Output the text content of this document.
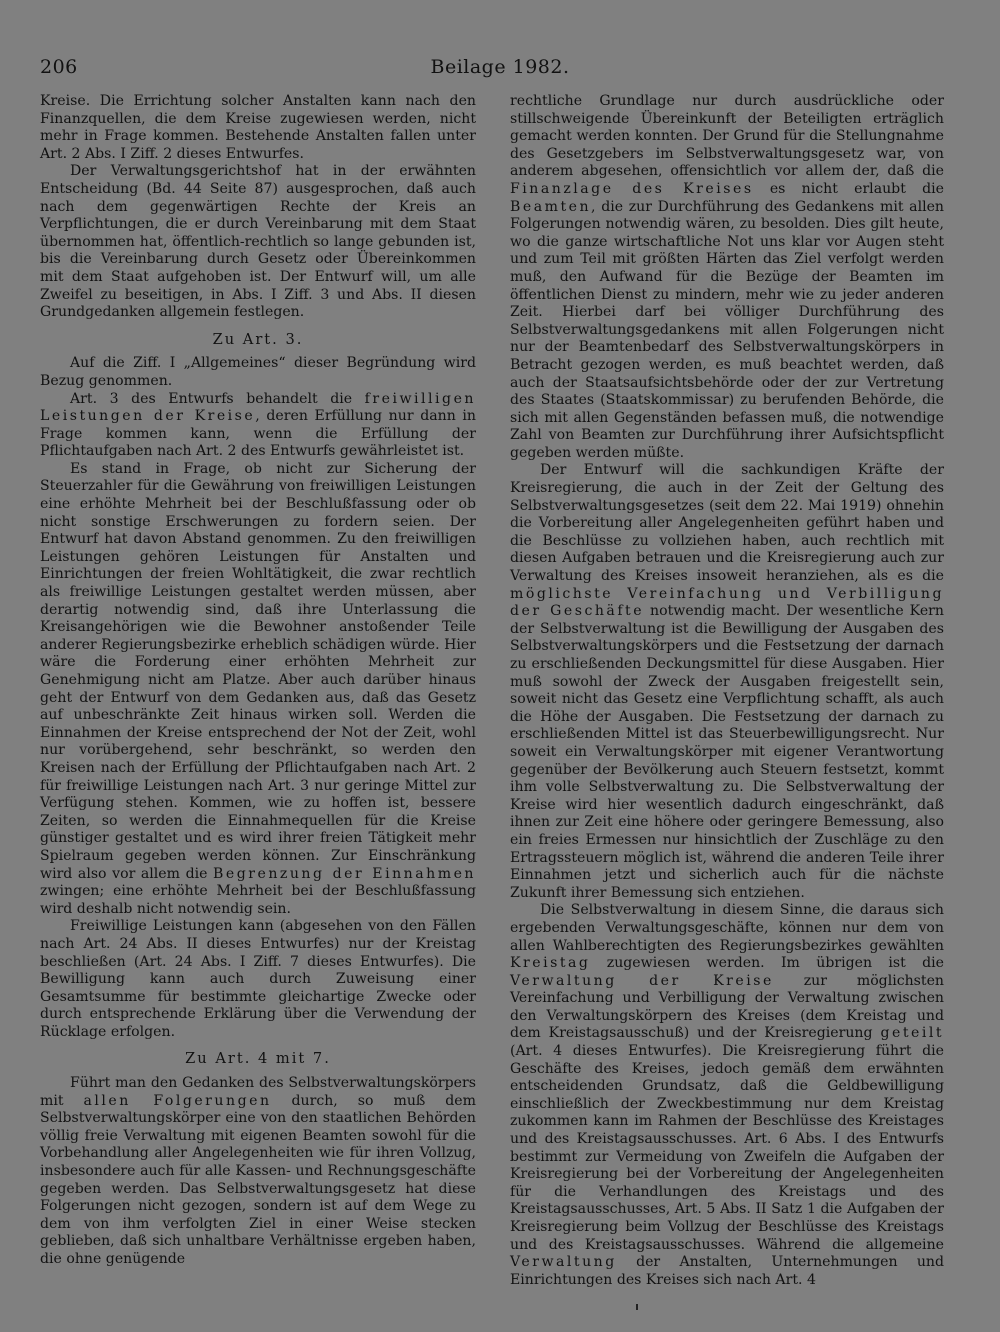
206	Beilage 1982.

Kreise. Die Errichtung solcher Anstalten kann nach den Finanzquellen, die dem Kreise zugewiesen werden, nicht mehr in Frage kommen. Bestehende Anstalten fallen unter Art. 2 Abs. I Ziff. 2 dieses Entwurfes.

Der Verwaltungsgerichtshof hat in der erwähnten Entscheidung (Bd. 44 Seite 87) ausgesprochen, daß auch nach dem gegenwärtigen Rechte der Kreis an Verpflichtungen, die er durch Vereinbarung mit dem Staat übernommen hat, öffentlich-rechtlich so lange gebunden ist, bis die Vereinbarung durch Gesetz oder Übereinkommen mit dem Staat aufgehoben ist. Der Entwurf will, um alle Zweifel zu beseitigen, in Abs. I Ziff. 3 und Abs. II diesen Grundgedanken allgemein festlegen.

Zu Art. 3.

Auf die Ziff. I „Allgemeines“ dieser Begründung wird Bezug genommen.

Art. 3 des Entwurfs behandelt die freiwilligen Leistungen der Kreise, deren Erfüllung nur dann in Frage kommen kann, wenn die Erfüllung der Pflichtaufgaben nach Art. 2 des Entwurfs gewährleistet ist.

Es stand in Frage, ob nicht zur Sicherung der Steuerzahler für die Gewährung von freiwilligen Leistungen eine erhöhte Mehrheit bei der Beschlußfassung oder ob nicht sonstige Erschwerungen zu fordern seien. Der Entwurf hat davon Abstand genommen. Zu den freiwilligen Leistungen gehören Leistungen für Anstalten und Einrichtungen der freien Wohltätigkeit, die zwar rechtlich als freiwillige Leistungen gestaltet werden müssen, aber derartig notwendig sind, daß ihre Unterlassung die Kreisangehörigen wie die Bewohner anstoßender Teile anderer Regierungsbezirke erheblich schädigen würde. Hier wäre die Forderung einer erhöhten Mehrheit zur Genehmigung nicht am Platze. Aber auch darüber hinaus geht der Entwurf von dem Gedanken aus, daß das Gesetz auf unbeschränkte Zeit hinaus wirken soll. Werden die Einnahmen der Kreise entsprechend der Not der Zeit, wohl nur vorübergehend, sehr beschränkt, so werden den Kreisen nach der Erfüllung der Pflichtaufgaben nach Art. 2 für freiwillige Leistungen nach Art. 3 nur geringe Mittel zur Verfügung stehen. Kommen, wie zu hoffen ist, bessere Zeiten, so werden die Einnahmequellen für die Kreise günstiger gestaltet und es wird ihrer freien Tätigkeit mehr Spielraum gegeben werden können. Zur Einschränkung wird also vor allem die Begrenzung der Einnahmen zwingen; eine erhöhte Mehrheit bei der Beschlußfassung wird deshalb nicht notwendig sein.

Freiwillige Leistungen kann (abgesehen von den Fällen nach Art. 24 Abs. II dieses Entwurfes) nur der Kreistag beschließen (Art. 24 Abs. I Ziff. 7 dieses Entwurfes). Die Bewilligung kann auch durch Zuweisung einer Gesamtsumme für bestimmte gleichartige Zwecke oder durch entsprechende Erklärung über die Verwendung der Rücklage erfolgen.

Zu Art. 4 mit 7.

Führt man den Gedanken des Selbstverwaltungskörpers mit allen Folgerungen durch, so muß dem Selbstverwaltungskörper eine von den staatlichen Behörden völlig freie Verwaltung mit eigenen Beamten sowohl für die Vorbehandlung aller Angelegenheiten wie für ihren Vollzug, insbesondere auch für alle Kassen- und Rechnungsgeschäfte gegeben werden. Das Selbstverwaltungsgesetz hat diese Folgerungen nicht gezogen, sondern ist auf dem Wege zu dem von ihm verfolgten Ziel in einer Weise stecken geblieben, daß sich unhaltbare Verhältnisse ergeben haben, die ohne genügende

rechtliche Grundlage nur durch ausdrückliche oder stillschweigende Übereinkunft der Beteiligten erträglich gemacht werden konnten. Der Grund für die Stellungnahme des Gesetzgebers im Selbstverwaltungsgesetz war, von anderem abgesehen, offensichtlich vor allem der, daß die Finanzlage des Kreises es nicht erlaubt die Beamten, die zur Durchführung des Gedankens mit allen Folgerungen notwendig wären, zu besolden. Dies gilt heute, wo die ganze wirtschaftliche Not uns klar vor Augen steht und zum Teil mit größten Härten das Ziel verfolgt werden muß, den Aufwand für die Bezüge der Beamten im öffentlichen Dienst zu mindern, mehr wie zu jeder anderen Zeit. Hierbei darf bei völliger Durchführung des Selbstverwaltungsgedankens mit allen Folgerungen nicht nur der Beamtenbedarf des Selbstverwaltungskörpers in Betracht gezogen werden, es muß beachtet werden, daß auch der Staatsaufsichtsbehörde oder der zur Vertretung des Staates (Staatskommissar) zu berufenden Behörde, die sich mit allen Gegenständen befassen muß, die notwendige Zahl von Beamten zur Durchführung ihrer Aufsichtspflicht gegeben werden müßte.

Der Entwurf will die sachkundigen Kräfte der Kreisregierung, die auch in der Zeit der Geltung des Selbstverwaltungsgesetzes (seit dem 22. Mai 1919) ohnehin die Vorbereitung aller Angelegenheiten geführt haben und die Beschlüsse zu vollziehen haben, auch rechtlich mit diesen Aufgaben betrauen und die Kreisregierung auch zur Verwaltung des Kreises insoweit heranziehen, als es die möglichste Vereinfachung und Verbilligung der Geschäfte notwendig macht. Der wesentliche Kern der Selbstverwaltung ist die Bewilligung der Ausgaben des Selbstverwaltungskörpers und die Festsetzung der darnach zu erschließenden Deckungsmittel für diese Ausgaben. Hier muß sowohl der Zweck der Ausgaben freigestellt sein, soweit nicht das Gesetz eine Verpflichtung schafft, als auch die Höhe der Ausgaben. Die Festsetzung der darnach zu erschließenden Mittel ist das Steuerbewilligungsrecht. Nur soweit ein Verwaltungskörper mit eigener Verantwortung gegenüber der Bevölkerung auch Steuern festsetzt, kommt ihm volle Selbstverwaltung zu. Die Selbstverwaltung der Kreise wird hier wesentlich dadurch eingeschränkt, daß ihnen zur Zeit eine höhere oder geringere Bemessung, also ein freies Ermessen nur hinsichtlich der Zuschläge zu den Ertragssteuern möglich ist, während die anderen Teile ihrer Einnahmen jetzt und sicherlich auch für die nächste Zukunft ihrer Bemessung sich entziehen.

Die Selbstverwaltung in diesem Sinne, die daraus sich ergebenden Verwaltungsgeschäfte, können nur dem von allen Wahlberechtigten des Regierungsbezirkes gewählten Kreistag zugewiesen werden. Im übrigen ist die Verwaltung der Kreise zur möglichsten Vereinfachung und Verbilligung der Verwaltung zwischen den Verwaltungskörpern des Kreises (dem Kreistag und dem Kreistagsausschuß) und der Kreisregierung geteilt (Art. 4 dieses Entwurfes). Die Kreisregierung führt die Geschäfte des Kreises, jedoch gemäß dem erwähnten entscheidenden Grundsatz, daß die Geldbewilligung einschließlich der Zweckbestimmung nur dem Kreistag zukommen kann im Rahmen der Beschlüsse des Kreistages und des Kreistagsausschusses. Art. 6 Abs. I des Entwurfs bestimmt zur Vermeidung von Zweifeln die Aufgaben der Kreisregierung bei der Vorbereitung der Angelegenheiten für die Verhandlungen des Kreistags und des Kreistagsausschusses, Art. 5 Abs. II Satz 1 die Aufgaben der Kreisregierung beim Vollzug der Beschlüsse des Kreistags und des Kreistagsausschusses. Während die allgemeine Verwaltung der Anstalten, Unternehmungen und Einrichtungen des Kreises sich nach Art. 4
